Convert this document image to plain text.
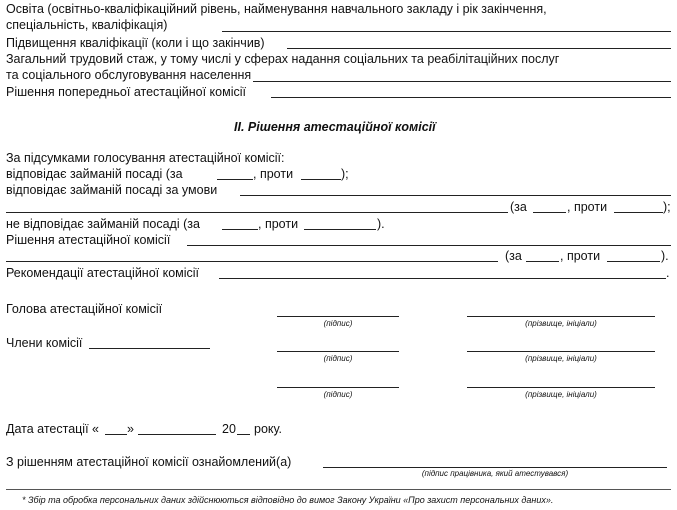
Освіта (освітньо-кваліфікаційний рівень, найменування навчального закладу і рік закінчення,
спеціальність, кваліфікація)
Підвищення кваліфікації (коли і що закінчив)
Загальний трудовий стаж, у тому числі у сферах надання соціальних та реабілітаційних послуг
та соціального обслуговування населення
Рішення попередньої атестаційної комісії
ІІ. Рішення атестаційної комісії
За підсумками голосування атестаційної комісії:
відповідає займаній посаді (за	, проти	);
відповідає займаній посаді за умови
(за	, проти	);
не відповідає займаній посаді (за	, проти	).
Рішення атестаційної комісії
(за	, проти	).
Рекомендації атестаційної комісії	.
Голова атестаційної комісії
(підпис)	(прізвище, ініціали)
Члени комісії
(підпис)	(прізвище, ініціали)
(підпис)	(прізвище, ініціали)
Дата атестації « »	20 року.
З рішенням атестаційної комісії ознайомлений(а)
(підпис працівника, який атестувався)
* Збір та обробка персональних даних здійснюються відповідно до вимог Закону України «Про захист персональних даних».
